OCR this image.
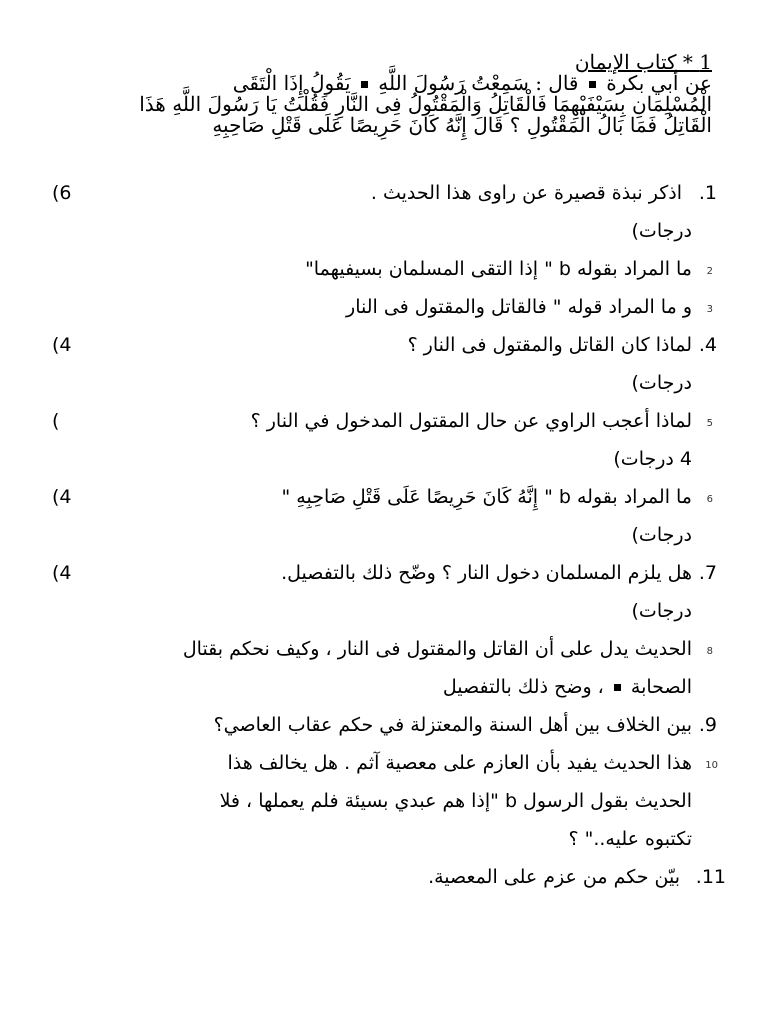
1 * كتاب الإيمان
عن أبي بكرة  قال : سَمِعْتُ رَسُولَ اللَّهِ  يَقُولُ إِذَا الْتَقَى
الْمُسْلِمَانِ بِسَيْفَيْهِمَا فَالْقَاتِلُ وَالْمَقْتُولُ فِى النَّارِ فَقُلْتُ يَا رَسُولَ اللَّهِ هَذَا
الْقَاتِلُ فَمَا بَالُ الْمَقْتُولِ ؟ قَالَ إِنَّهُ كَانَ حَرِيصًا عَلَى قَتْلِ صَاحِبِهِ
1.
اذكر نبذة قصيرة عن راوى هذا الحديث .
(6
درجات)
2
ما المراد بقوله b " إذا التقى المسلمان بسيفيهما"
3
و ما المراد قوله " فالقاتل والمقتول فى النار
4.
لماذا كان القاتل والمقتول فى النار ؟
(4
درجات)
5
لماذا أعجب الراوي عن حال المقتول المدخول في النار ؟
(
4 درجات)
6
ما المراد بقوله b " إِنَّهُ كَانَ حَرِيصًا عَلَى قَتْلِ صَاحِبِهِ "
(4
درجات)
7.
هل يلزم المسلمان دخول النار ؟ وضّح ذلك بالتفصيل.
(4
درجات)
8
الحديث يدل على أن القاتل والمقتول فى النار ، وكيف نحكم بقتال
الصحابة  ، وضح ذلك بالتفصيل
9.
بين الخلاف بين أهل السنة والمعتزلة في حكم عقاب العاصي؟
10
هذا الحديث يفيد بأن العازم على معصية آثم . هل يخالف هذا
الحديث بقول الرسول b "إذا هم عبدي بسيئة فلم يعملها ، فلا
تكتبوه عليه.." ؟
11.
بيّن حكم من عزم على المعصية.
